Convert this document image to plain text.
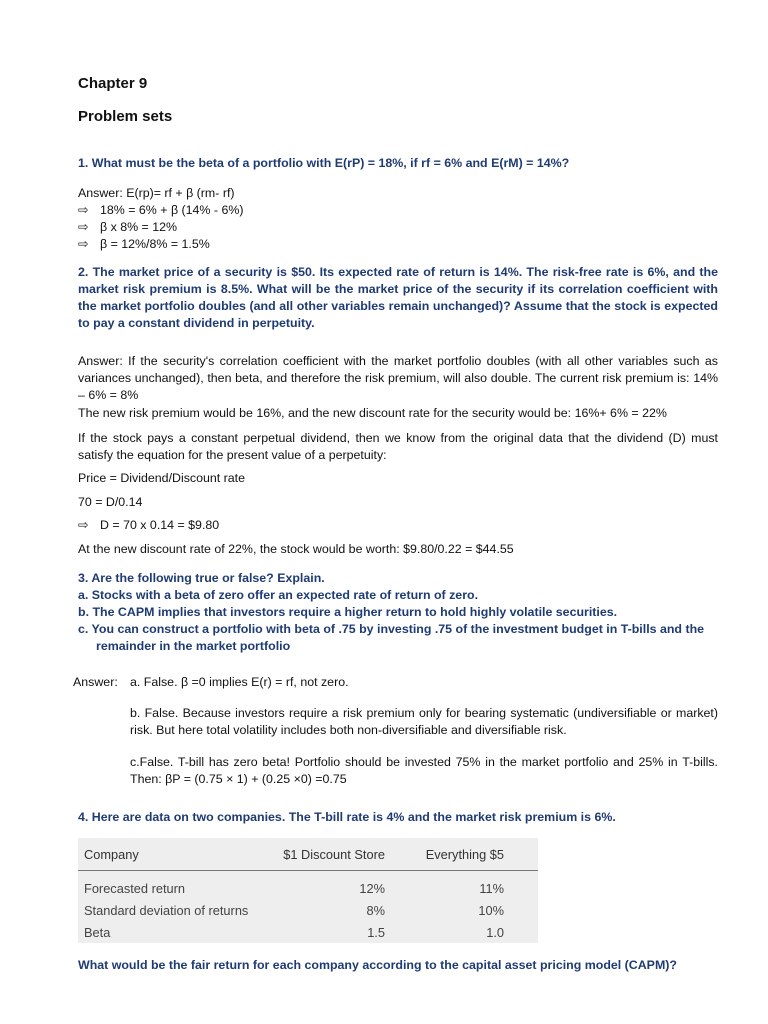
Chapter 9
Problem sets
1. What must be the beta of a portfolio with E(rP) = 18%, if rf = 6% and E(rM) = 14%?
Answer: E(rp)= rf + β (rm- rf)
⇨ 18% = 6% + β (14% - 6%)
⇨ β x 8% = 12%
⇨ β = 12%/8% = 1.5%
2. The market price of a security is $50. Its expected rate of return is 14%. The risk-free rate is 6%, and the market risk premium is 8.5%. What will be the market price of the security if its correlation coefficient with the market portfolio doubles (and all other variables remain unchanged)? Assume that the stock is expected to pay a constant dividend in perpetuity.
Answer: If the security's correlation coefficient with the market portfolio doubles (with all other variables such as variances unchanged), then beta, and therefore the risk premium, will also double. The current risk premium is: 14% – 6% = 8%
The new risk premium would be 16%, and the new discount rate for the security would be: 16%+ 6% = 22%
If the stock pays a constant perpetual dividend, then we know from the original data that the dividend (D) must satisfy the equation for the present value of a perpetuity:
Price = Dividend/Discount rate
70 = D/0.14
⇨ D = 70 x 0.14 = $9.80
At the new discount rate of 22%, the stock would be worth: $9.80/0.22 = $44.55
3. Are the following true or false? Explain.
a. Stocks with a beta of zero offer an expected rate of return of zero.
b. The CAPM implies that investors require a higher return to hold highly volatile securities.
c. You can construct a portfolio with beta of .75 by investing .75 of the investment budget in T-bills and the
remainder in the market portfolio
Answer: a. False. β =0 implies E(r) = rf, not zero.
b. False. Because investors require a risk premium only for bearing systematic (undiversifiable or market) risk. But here total volatility includes both non-diversifiable and diversifiable risk.
c.False. T-bill has zero beta! Portfolio should be invested 75% in the market portfolio and 25% in T-bills. Then: βP = (0.75 × 1) + (0.25 ×0) =0.75
4. Here are data on two companies. The T-bill rate is 4% and the market risk premium is 6%.
Company	$1 Discount Store	Everything $5
Forecasted return	12%	11%
Standard deviation of returns	8%	10%
Beta	1.5	1.0
What would be the fair return for each company according to the capital asset pricing model (CAPM)?
